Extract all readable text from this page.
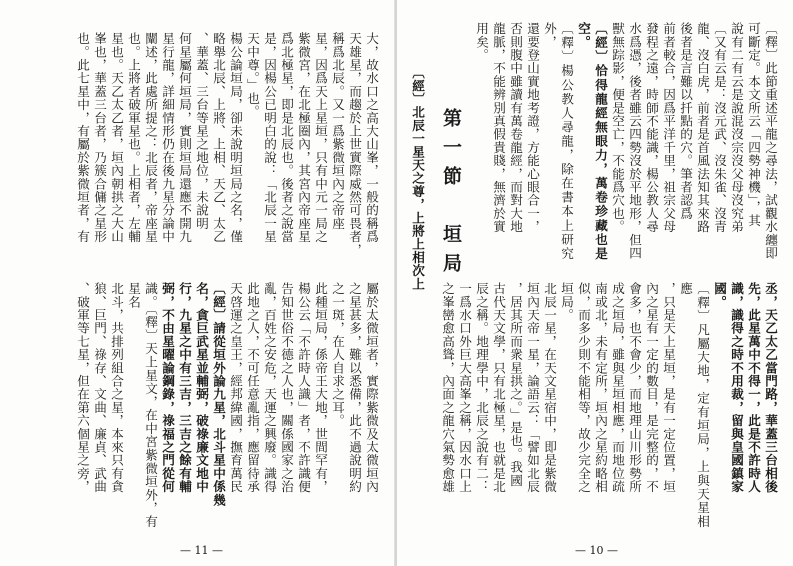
大，故水口之高大山峯，一般的稱爲

天雄星，而趨於上世實際威然可畏者，

稱爲北辰。又一爲紫微垣內之帝座

星，因爲天上星垣，只有中元一局之

紫微宮，在北極圈內，其宮內帝座星

爲北極星，即是北辰也。後者之說當

是，因楊公已明白的說：「北辰一星

天中尊。」也。

楊公論垣局，卻未說明垣局之名，僅

略舉北辰、上將、上相、天乙、太乙

、華蓋、三台等星之地位，未說明

何星屬何垣局，實則垣局還應不開九

星行龍，詳細情形仍在後九星分論中

闡述，此處所提之：北辰者，帝座星

也。上將者破軍星也。上相者，左輔

星也。天乙太乙者，垣內朝拱之大山

峯也，華蓋三台者，乃簇合傭之星形

也。此七星中，有屬於紫微垣者，有

屬於太微垣者，實際紫微及太微垣內

之星甚多，難以悉備，此不過說明約

之一斑，在人自求之耳。

此種垣局，係帝王大地，世間罕有，

楊公云「不許時人識」者，不許識便

告知世俗不德之人也，關係國家之治

亂，百姓之安危，天運之興廢。識得

此地之人，不可任意亂指，應留待承

天啓運之皇王，經邦緯國，撫育萬民

〔經〕請從垣外論九星，北斗星中係幾

名，貪巨武星並輔弼，破祿廉文地中

行，九星之中有三吉，三吉之餘有輔

弼，不由星曜論鋼錄，祿福之門從何

識。〔釋〕天上星文，在中宮紫微垣外，有星名

北斗，共排列組合之星，本來只有貪

狼、巨門、祿存、文曲、廉貞、武曲

、破軍等七星，但在第六個星之旁，

— 11 —

〔釋〕此節重述平龍之尋法，試觀水纏即

可斷定。本文所云「四勢神機」，其

說有二有云是說混沒宗沒父母沒究弟

〔又有云是：沒元武、沒朱雀、沒青

龍、沒白虎，前者是首風法知其來路

後者是言難以扦點的穴。筆者認爲

前者較合，因爲平洋千里，祖宗父母

發程之遠，時師不能識，楊公教人尋

水爲憑，後者雖云四勢沒於平地形，但四

獸無踪影，便是空亡，不能爲穴也。

〔經〕恰得龍經無眼力，萬卷珍藏也是空。

〔釋〕楊公教人尋龍，除在書本上研究外，

還要登山實地考證，方能心眼合一，

否則腹中雖讀有萬卷龍經，而對大地

龍脈，不能辨別真假貴賤，無濟於實

用矣。

第一節　垣局

丞，天乙太乙當門路，華蓋三台相後

先，此星萬中不得一，此是不許時人

識，識得之時不用裁，留與皇國鎮家

國。

〔釋〕凡屬大地，定有垣局，上與天星相應

，只是天上星垣，是有一定位置，垣

內之星有一定的數目，是完整的，不

會多，也不會少，而地理山川形勢所

成之垣局，雖與星垣相應，而地位疏

南或北，未有定所，垣內之星約略相

似，而多少則不能相等，故少完全之

垣局。

北辰一星，在天文星宿中，即是紫微

垣內天帝一星，論語云：「譬如北辰

，居其所而衆星拱之。」是也。我國

古代天文學，只有北極星，也就是北

辰之稱。地理學中，北辰之說有二：

一爲水口外巨大高峯之稱，因水口上

之峯巒愈高聳，內面之龍穴氣勢愈雄

〔經〕北辰一星天之尊，上將上相次上

— 10 —
